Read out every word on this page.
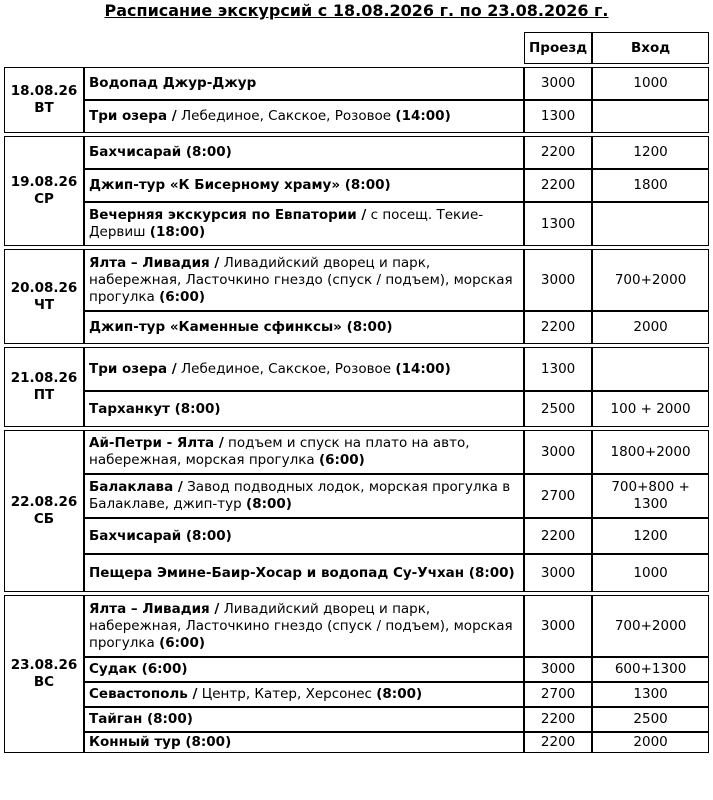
Расписание экскурсий с 18.08.2026 г. по 23.08.2026 г.
		Проезд	Вход

18.08.26
ВТ	Водопад Джур-Джур	3000	1000
	Три озера / Лебединое, Сакское, Розовое (14:00)	1300	

19.08.26
СР	Бахчисарай (8:00)	2200	1200
	Джип-тур «К Бисерному храму» (8:00)	2200	1800
	Вечерняя экскурсия по Евпатории / с посещ. Текие-Дервиш (18:00)	1300	

20.08.26
ЧТ	Ялта – Ливадия / Ливадийский дворец и парк, набережная, Ласточкино гнездо (спуск / подъем), морская прогулка (6:00)	3000	700+2000
	Джип-тур «Каменные сфинксы» (8:00)	2200	2000

21.08.26
ПТ	Три озера / Лебединое, Сакское, Розовое (14:00)	1300	
	Тарханкут (8:00)	2500	100 + 2000

22.08.26
СБ	Ай-Петри - Ялта / подъем и спуск на плато на авто, набережная, морская прогулка (6:00)	3000	1800+2000
	Балаклава / Завод подводных лодок, морская прогулка в Балаклаве, джип-тур (8:00)	2700	700+800 + 1300
	Бахчисарай (8:00)	2200	1200
	Пещера Эмине-Баир-Хосар и водопад Су-Учхан (8:00)	3000	1000

23.08.26
ВС	Ялта – Ливадия / Ливадийский дворец и парк, набережная, Ласточкино гнездо (спуск / подъем), морская прогулка (6:00)	3000	700+2000
	Судак (6:00)	3000	600+1300
	Севастополь / Центр, Катер, Херсонес (8:00)	2700	1300
	Тайган (8:00)	2200	2500
	Конный тур (8:00)	2200	2000
